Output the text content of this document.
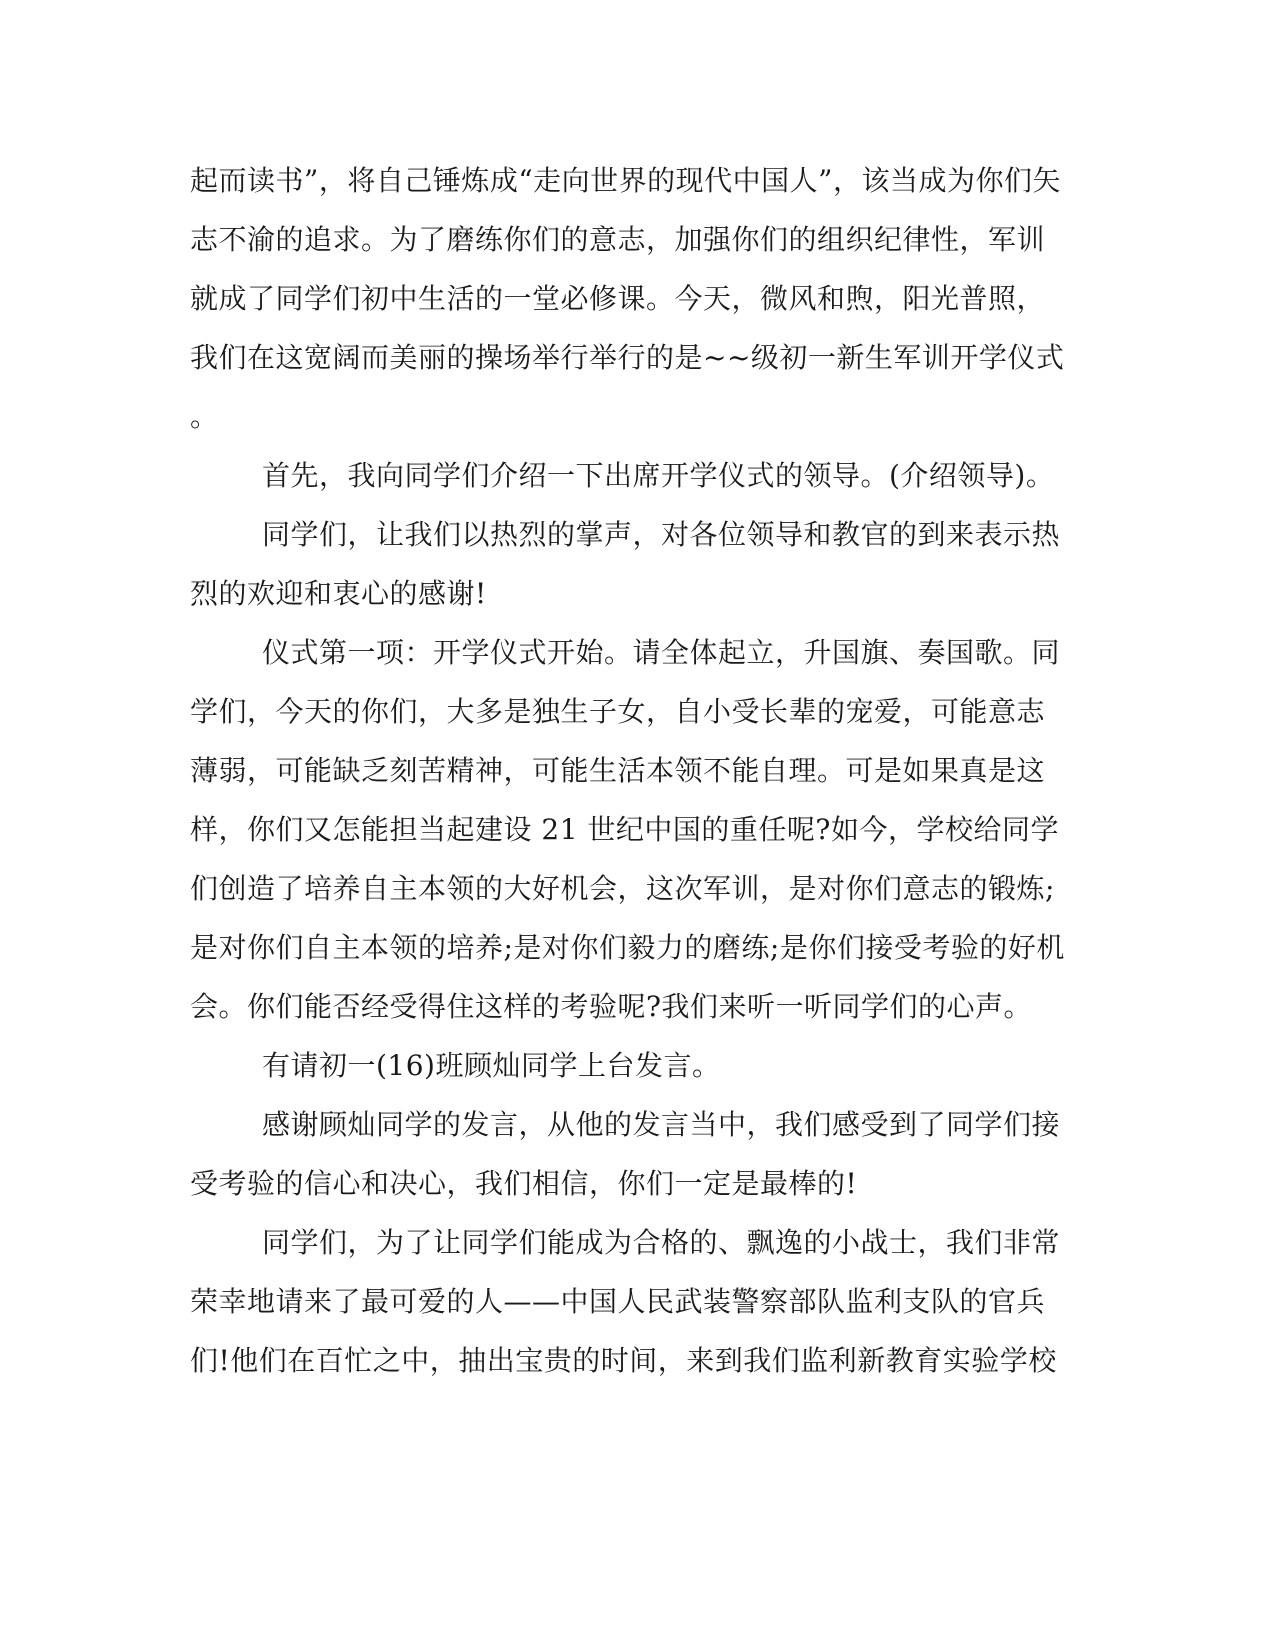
起而读书”，将自己锤炼成“走向世界的现代中国人”，该当成为你们矢
志不渝的追求。为了磨练你们的意志，加强你们的组织纪律性，军训
就成了同学们初中生活的一堂必修课。今天，微风和煦，阳光普照，
我们在这宽阔而美丽的操场举行举行的是~~级初一新生军训开学仪式
。
首先，我向同学们介绍一下出席开学仪式的领导。(介绍领导)。
同学们，让我们以热烈的掌声，对各位领导和教官的到来表示热
烈的欢迎和衷心的感谢!
仪式第一项：开学仪式开始。请全体起立，升国旗、奏国歌。同
学们，今天的你们，大多是独生子女，自小受长辈的宠爱，可能意志
薄弱，可能缺乏刻苦精神，可能生活本领不能自理。可是如果真是这
样，你们又怎能担当起建设 21 世纪中国的重任呢?如今，学校给同学
们创造了培养自主本领的大好机会，这次军训，是对你们意志的锻炼;
是对你们自主本领的培养;是对你们毅力的磨练;是你们接受考验的好机
会。你们能否经受得住这样的考验呢?我们来听一听同学们的心声。
有请初一(16)班顾灿同学上台发言。
感谢顾灿同学的发言，从他的发言当中，我们感受到了同学们接
受考验的信心和决心，我们相信，你们一定是最棒的!
同学们，为了让同学们能成为合格的、飘逸的小战士，我们非常
荣幸地请来了最可爱的人——中国人民武装警察部队监利支队的官兵
们!他们在百忙之中，抽出宝贵的时间，来到我们监利新教育实验学校
